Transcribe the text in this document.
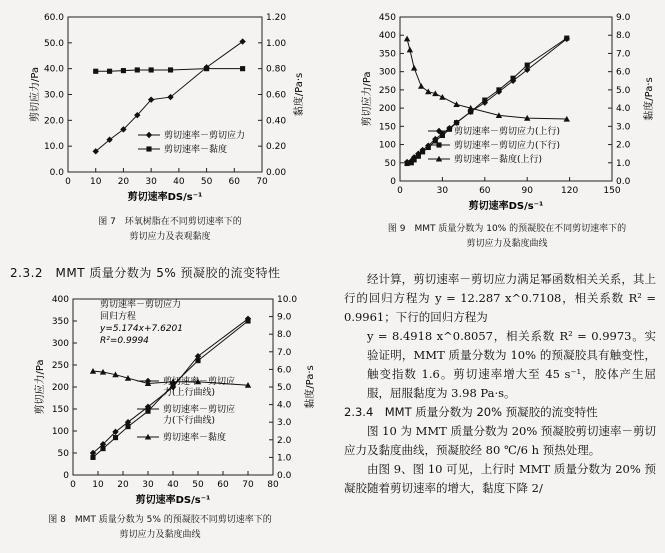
0 10 20 30 40 50 60 70
0.0
10.0
20.0
30.0
40.0
50.0
60.0
0.00
0.20
0.40
0.60
0.80
1.00
1.20
剪切速率DS/s⁻¹
剪切应力/Pa	黏度/Pa·s
剪切速率－剪切应力
剪切速率－黏度
图 7　环氧树脂在不同剪切速率下的
剪切应力及表观黏度
0	30	60	90	120	150
0
50
100
150
200
250
300
350
400
450
0.0
1.0
2.0
3.0
4.0
5.0
6.0
7.0
8.0
9.0
剪切速率DS/s⁻¹
剪切应力/Pa	黏度/Pa·s
剪切速率－剪切应力(上行)
剪切速率－剪切应力(下行)
剪切速率－黏度(上行)
图 9　MMT 质量分数为 10% 的预凝胶在不同剪切速率下的
剪切应力及黏度曲线
2.3.2　MMT 质量分数为 5% 预凝胶的流变特性
0 10 20 30 40 50 60 70 80
0
50
100
150
200
250
300
350
400
0.0
1.0
2.0
3.0
4.0
5.0
6.0
7.0
8.0
9.0
10.0
剪切速率DS/s⁻¹
剪切应力/Pa	黏度/Pa·s
剪切速率－剪切应
力(上行曲线)
剪切速率－剪切应
力(下行曲线)
剪切速率－黏度
剪切速率－剪切应力
回归方程
y=5.174x+7.6201
R²=0.9994
图 8　MMT 质量分数为 5% 的预凝胶不同剪切速率下的
剪切应力及黏度曲线

经计算，剪切速率－剪切应力满足幂函数相关关系，其上行的回归方程为 y = 12.287 x^0.7108，相关系数 R² = 0.9961；下行的回归方程为

y = 8.4918 x^0.8057，相关系数 R² = 0.9973。实验证明，MMT 质量分数为 10% 的预凝胶具有触变性，触变指数 1.6。剪切速率增大至 45 s⁻¹，胶体产生屈服，屈服黏度为 3.98 Pa·s。

2.3.4　MMT 质量分数为 20% 预凝胶的流变特性

图 10 为 MMT 质量分数为 20% 预凝胶剪切速率－剪切应力及黏度曲线，预凝胶经 80 ℃/6 h 预热处理。

由图 9、图 10 可见，上行时 MMT 质量分数为 20% 预凝胶随着剪切速率的增大，黏度下降 2/
